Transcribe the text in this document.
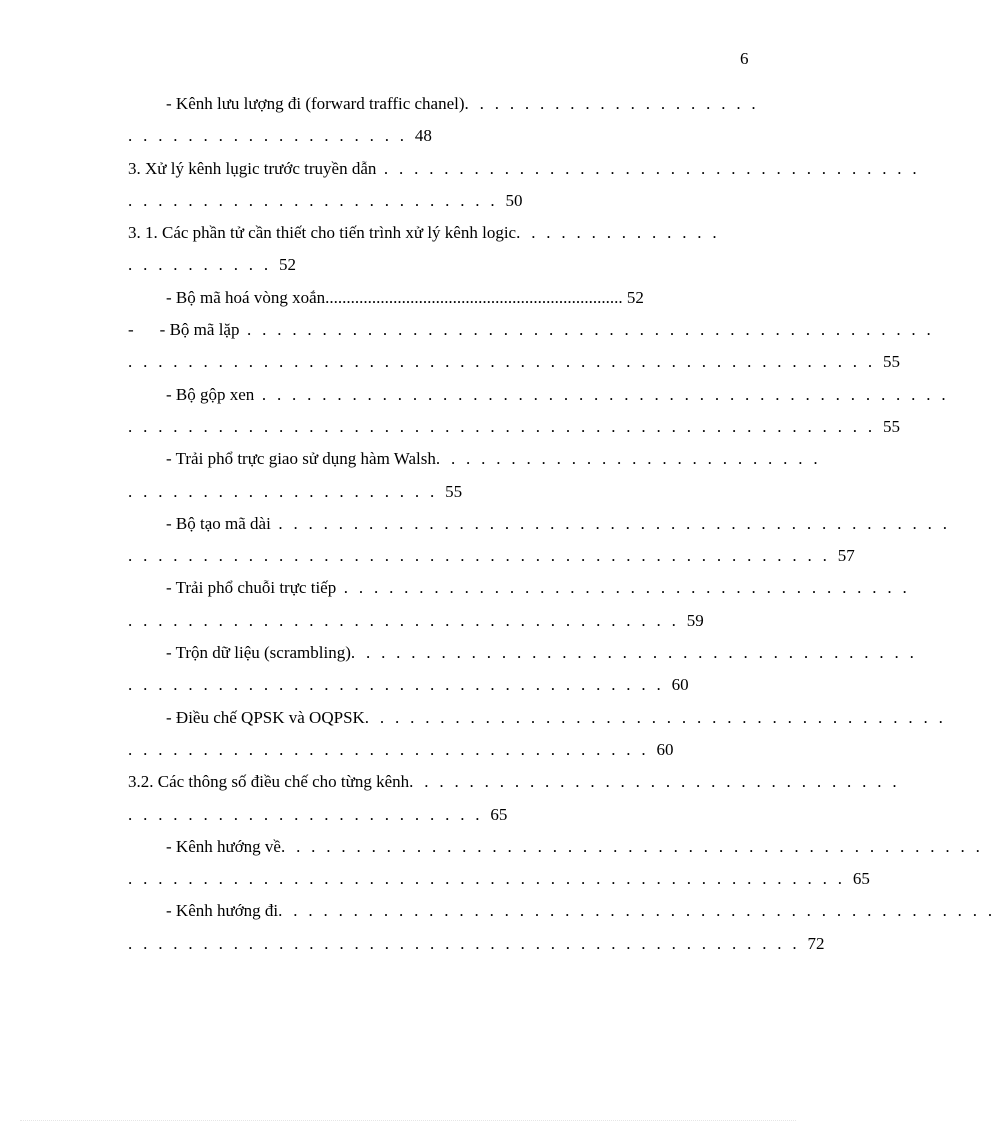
6
- Kênh lưu lượng đi (forward traffic chanel). . . . . . . . . . . . . . . . . . . .
. . . . . . . . . . . . . . . . . . . 48
3. Xử lý kênh lụgic trước truyền dẫn . . . . . . . . . . . . . . . . . . . . . . . . . . . . . . . . . . . .
. . . . . . . . . . . . . . . . . . . . . . . . . 50
3. 1. Các phần tử cần thiết cho tiến trình xử lý kênh logic. . . . . . . . . . . . . .
. . . . . . . . . . 52
- Bộ mã hoá vòng xoắn...................................................................... 52
- - Bộ mã lặp . . . . . . . . . . . . . . . . . . . . . . . . . . . . . . . . . . . . . . . . . . . . . .
. . . . . . . . . . . . . . . . . . . . . . . . . . . . . . . . . . . . . . . . . . . . . . . . . . 55
- Bộ gộp xen . . . . . . . . . . . . . . . . . . . . . . . . . . . . . . . . . . . . . . . . . . . . . .
. . . . . . . . . . . . . . . . . . . . . . . . . . . . . . . . . . . . . . . . . . . . . . . . . . 55
- Trải phổ trực giao sử dụng hàm Walsh. . . . . . . . . . . . . . . . . . . . . . . . . .
. . . . . . . . . . . . . . . . . . . . . 55
- Bộ tạo mã dài . . . . . . . . . . . . . . . . . . . . . . . . . . . . . . . . . . . . . . . . . . . . .
. . . . . . . . . . . . . . . . . . . . . . . . . . . . . . . . . . . . . . . . . . . . . . . 57
- Trải phổ chuỗi trực tiếp . . . . . . . . . . . . . . . . . . . . . . . . . . . . . . . . . . . . . .
. . . . . . . . . . . . . . . . . . . . . . . . . . . . . . . . . . . . . 59
- Trộn dữ liệu (scrambling). . . . . . . . . . . . . . . . . . . . . . . . . . . . . . . . . . . . . .
. . . . . . . . . . . . . . . . . . . . . . . . . . . . . . . . . . . . 60
- Điều chế QPSK và OQPSK. . . . . . . . . . . . . . . . . . . . . . . . . . . . . . . . . . . . . . .
. . . . . . . . . . . . . . . . . . . . . . . . . . . . . . . . . . . 60
3.2. Các thông số điều chế cho từng kênh. . . . . . . . . . . . . . . . . . . . . . . . . . . . . . . . .
. . . . . . . . . . . . . . . . . . . . . . . . 65
- Kênh hướng về. . . . . . . . . . . . . . . . . . . . . . . . . . . . . . . . . . . . . . . . . . . . . . .
. . . . . . . . . . . . . . . . . . . . . . . . . . . . . . . . . . . . . . . . . . . . . . . . 65
- Kênh hướng đi. . . . . . . . . . . . . . . . . . . . . . . . . . . . . . . . . . . . . . . . . . . . . . . .
. . . . . . . . . . . . . . . . . . . . . . . . . . . . . . . . . . . . . . . . . . . . . 72
